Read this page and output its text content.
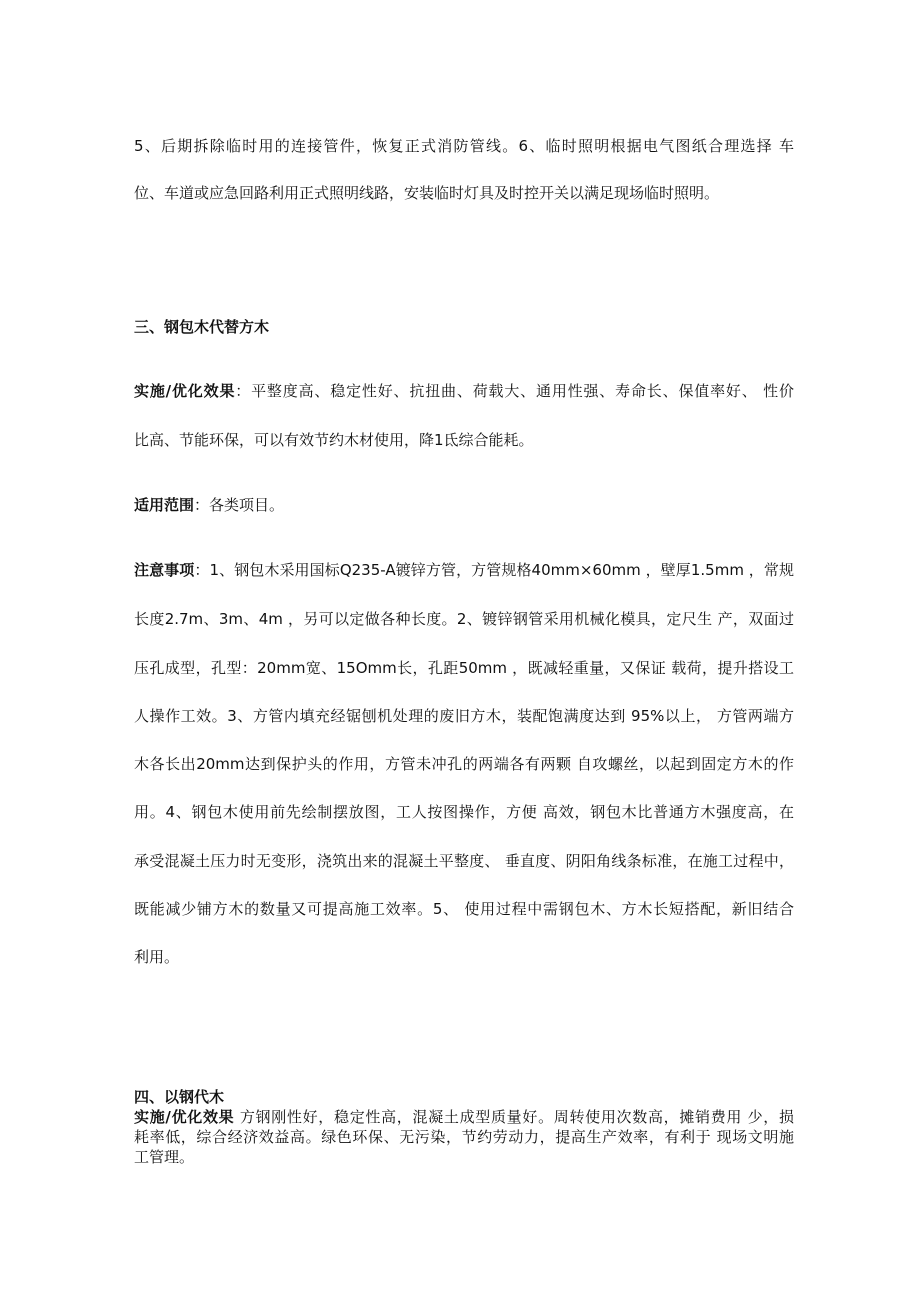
5、后期拆除临时用的连接管件，恢复正式消防管线。6、临时照明根据电气图纸合理选择 车
位、车道或应急回路利用正式照明线路，安装临时灯具及时控开关以满足现场临时照明。
三、钢包木代替方木
实施/优化效果：平整度高、稳定性好、抗扭曲、荷载大、通用性强、寿命长、保值率好、 性价
比高、节能环保，可以有效节约木材使用，降1氐综合能耗。
适用范围：各类项目。
注意事项：1、钢包木采用国标Q235-A镀锌方管，方管规格40mm×60mm ，壁厚1.5mm ，常规
长度2.7m、3m、4m ，另可以定做各种长度。2、镀锌钢管采用机械化模具，定尺生 产，双面过
压孔成型，孔型：20mm宽、15Omm长，孔距50mm ，既减轻重量，又保证 载荷，提升搭设工
人操作工效。3、方管内填充经锯刨机处理的废旧方木，装配饱满度达到 95%以上， 方管两端方
木各长出20mm达到保护头的作用，方管未冲孔的两端各有两颗 自攻螺丝，以起到固定方木的作
用。4、钢包木使用前先绘制摆放图，工人按图操作，方便 高效，钢包木比普通方木强度高，在
承受混凝土压力时无变形，浇筑出来的混凝土平整度、 垂直度、阴阳角线条标准，在施工过程中，
既能减少铺方木的数量又可提高施工效率。5、 使用过程中需钢包木、方木长短搭配，新旧结合
利用。
四、以钢代木
实施/优化效果 方钢刚性好，稳定性高，混凝土成型质量好。周转使用次数高，摊销费用 少，损
耗率低，综合经济效益高。绿色环保、无污染，节约劳动力，提高生产效率，有利于 现场文明施
工管理。
